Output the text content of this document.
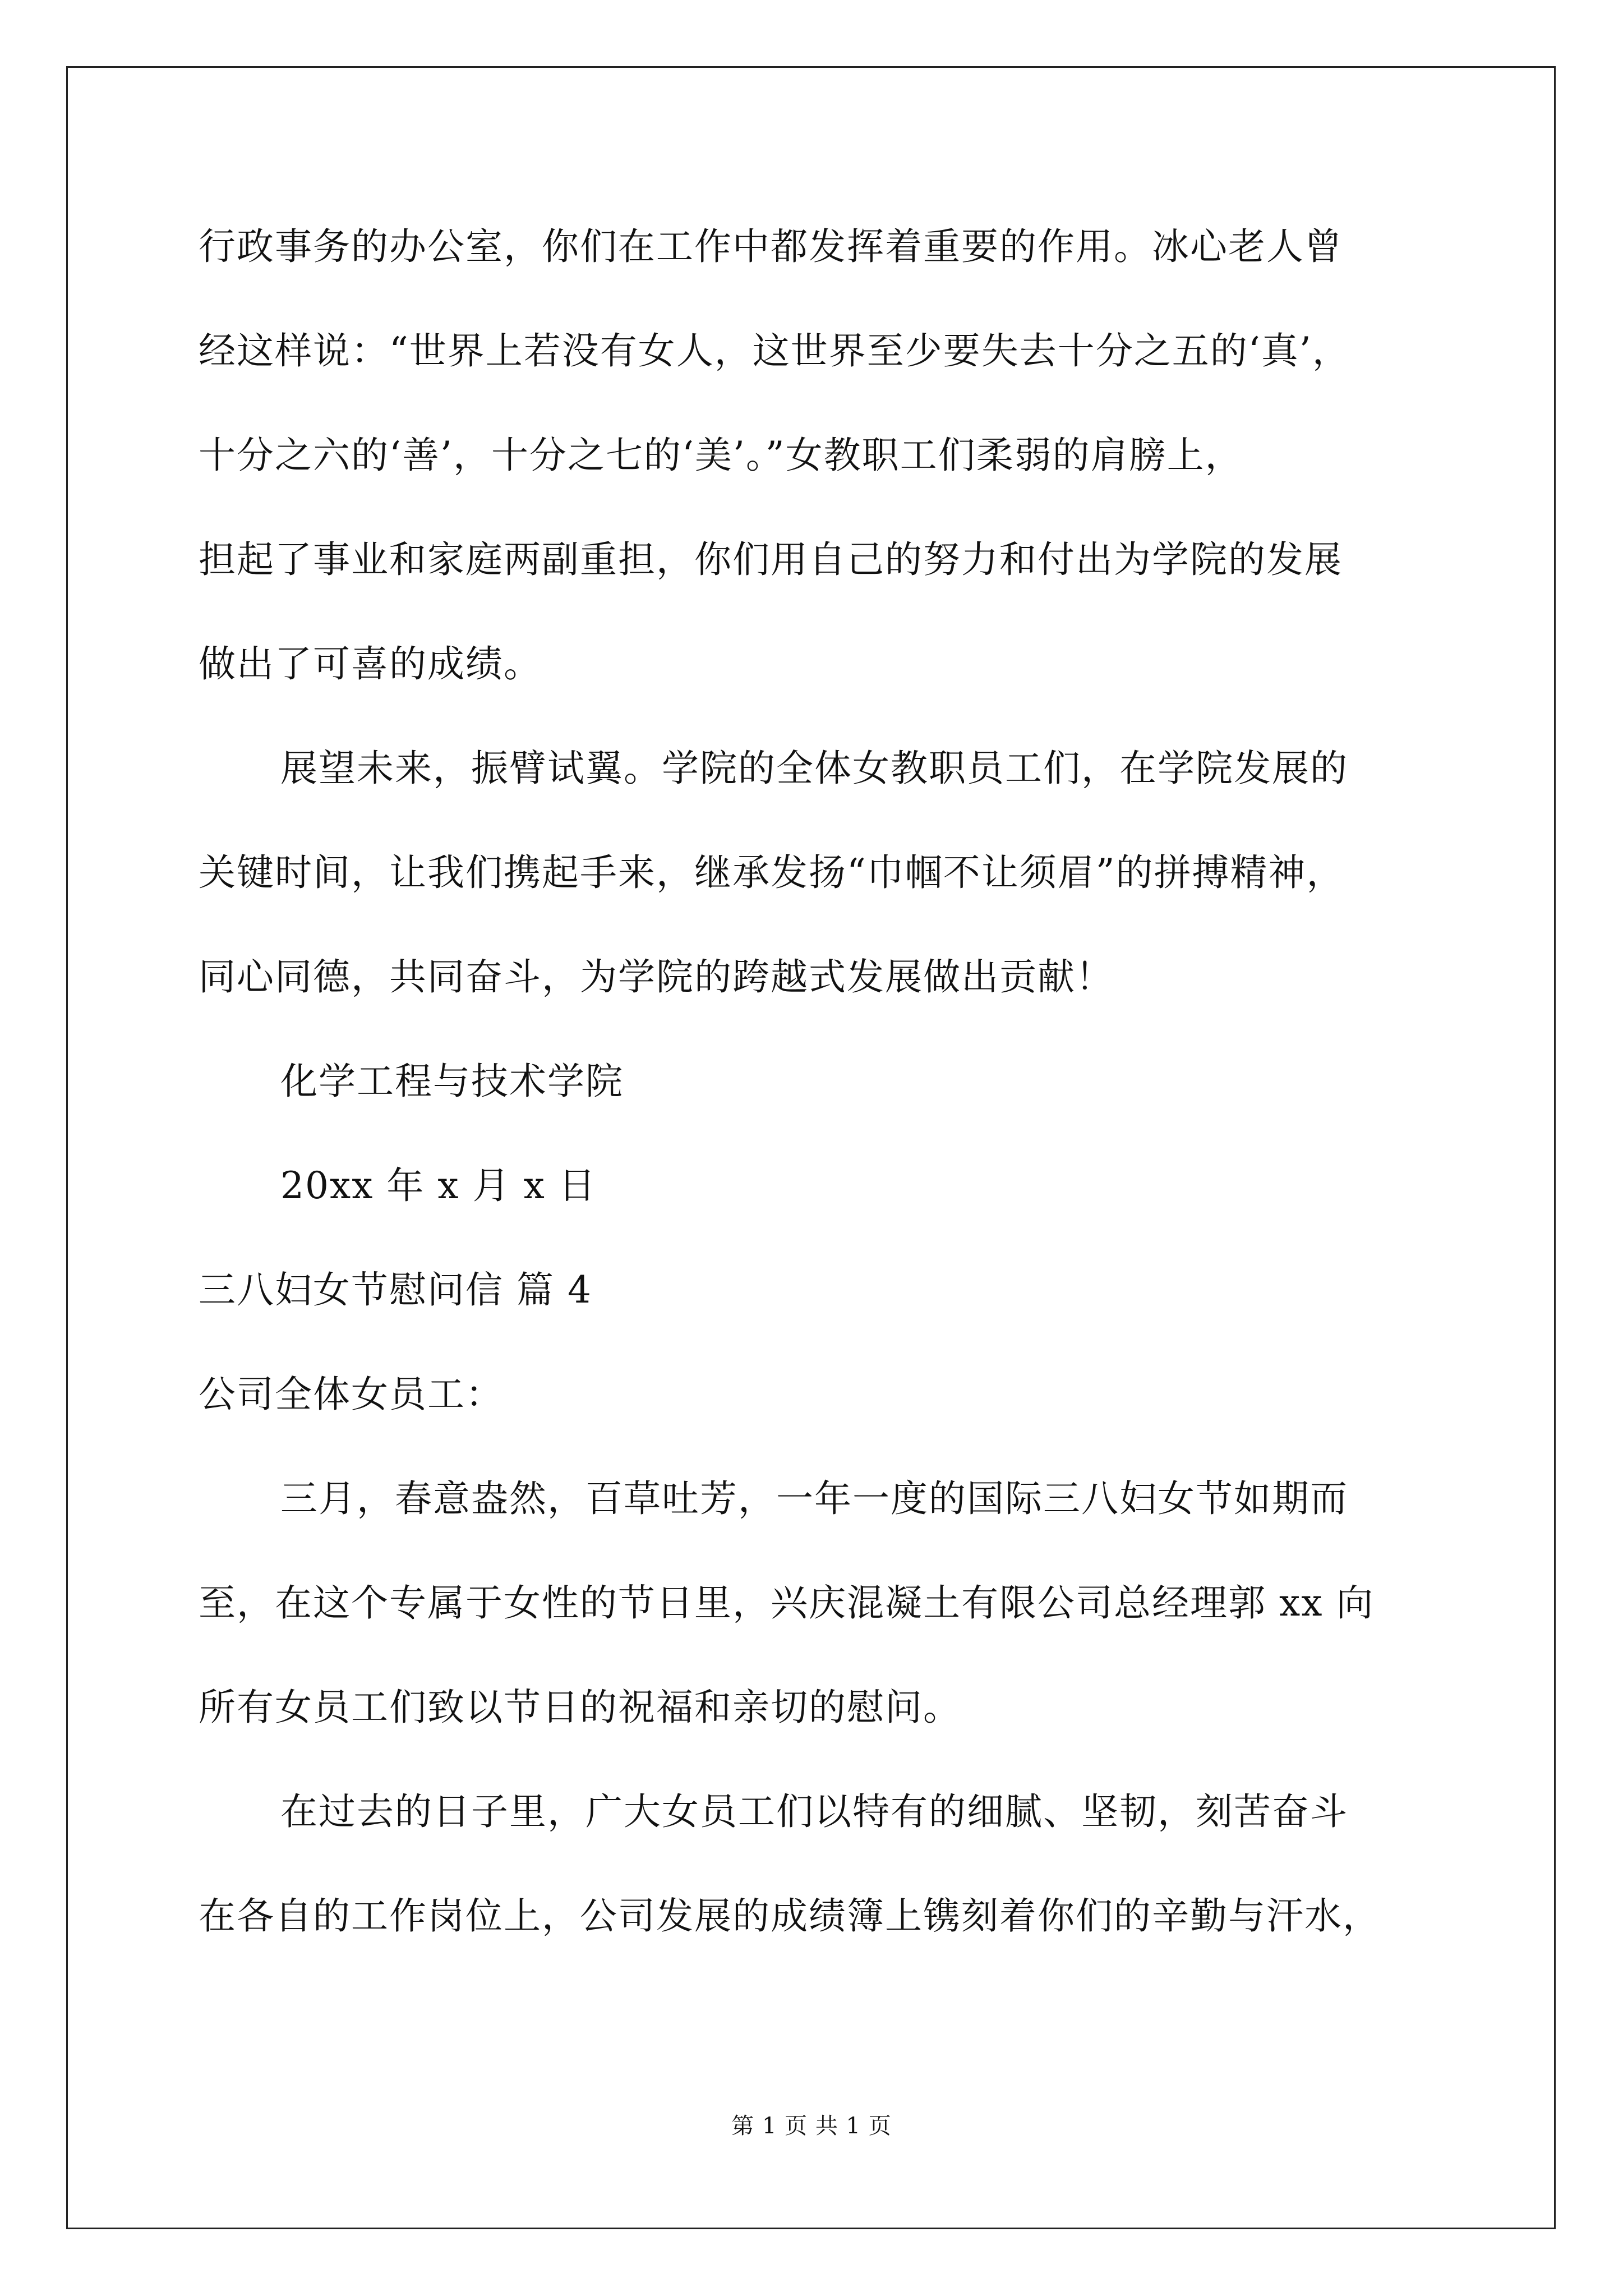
行政事务的办公室，你们在工作中都发挥着重要的作用。冰心老人曾
经这样说：“世界上若没有女人，这世界至少要失去十分之五的‘真’，
十分之六的‘善’，十分之七的‘美’。”女教职工们柔弱的肩膀上，
担起了事业和家庭两副重担，你们用自己的努力和付出为学院的发展
做出了可喜的成绩。
展望未来，振臂试翼。学院的全体女教职员工们，在学院发展的
关键时间，让我们携起手来，继承发扬“巾帼不让须眉”的拼搏精神，
同心同德，共同奋斗，为学院的跨越式发展做出贡献！
化学工程与技术学院
20xx 年 x 月 x 日
三八妇女节慰问信 篇 4
公司全体女员工：
三月，春意盎然，百草吐芳，一年一度的国际三八妇女节如期而
至，在这个专属于女性的节日里，兴庆混凝土有限公司总经理郭 xx 向
所有女员工们致以节日的祝福和亲切的慰问。
在过去的日子里，广大女员工们以特有的细腻、坚韧，刻苦奋斗
在各自的工作岗位上，公司发展的成绩簿上镌刻着你们的辛勤与汗水，
第 1 页 共 1 页
